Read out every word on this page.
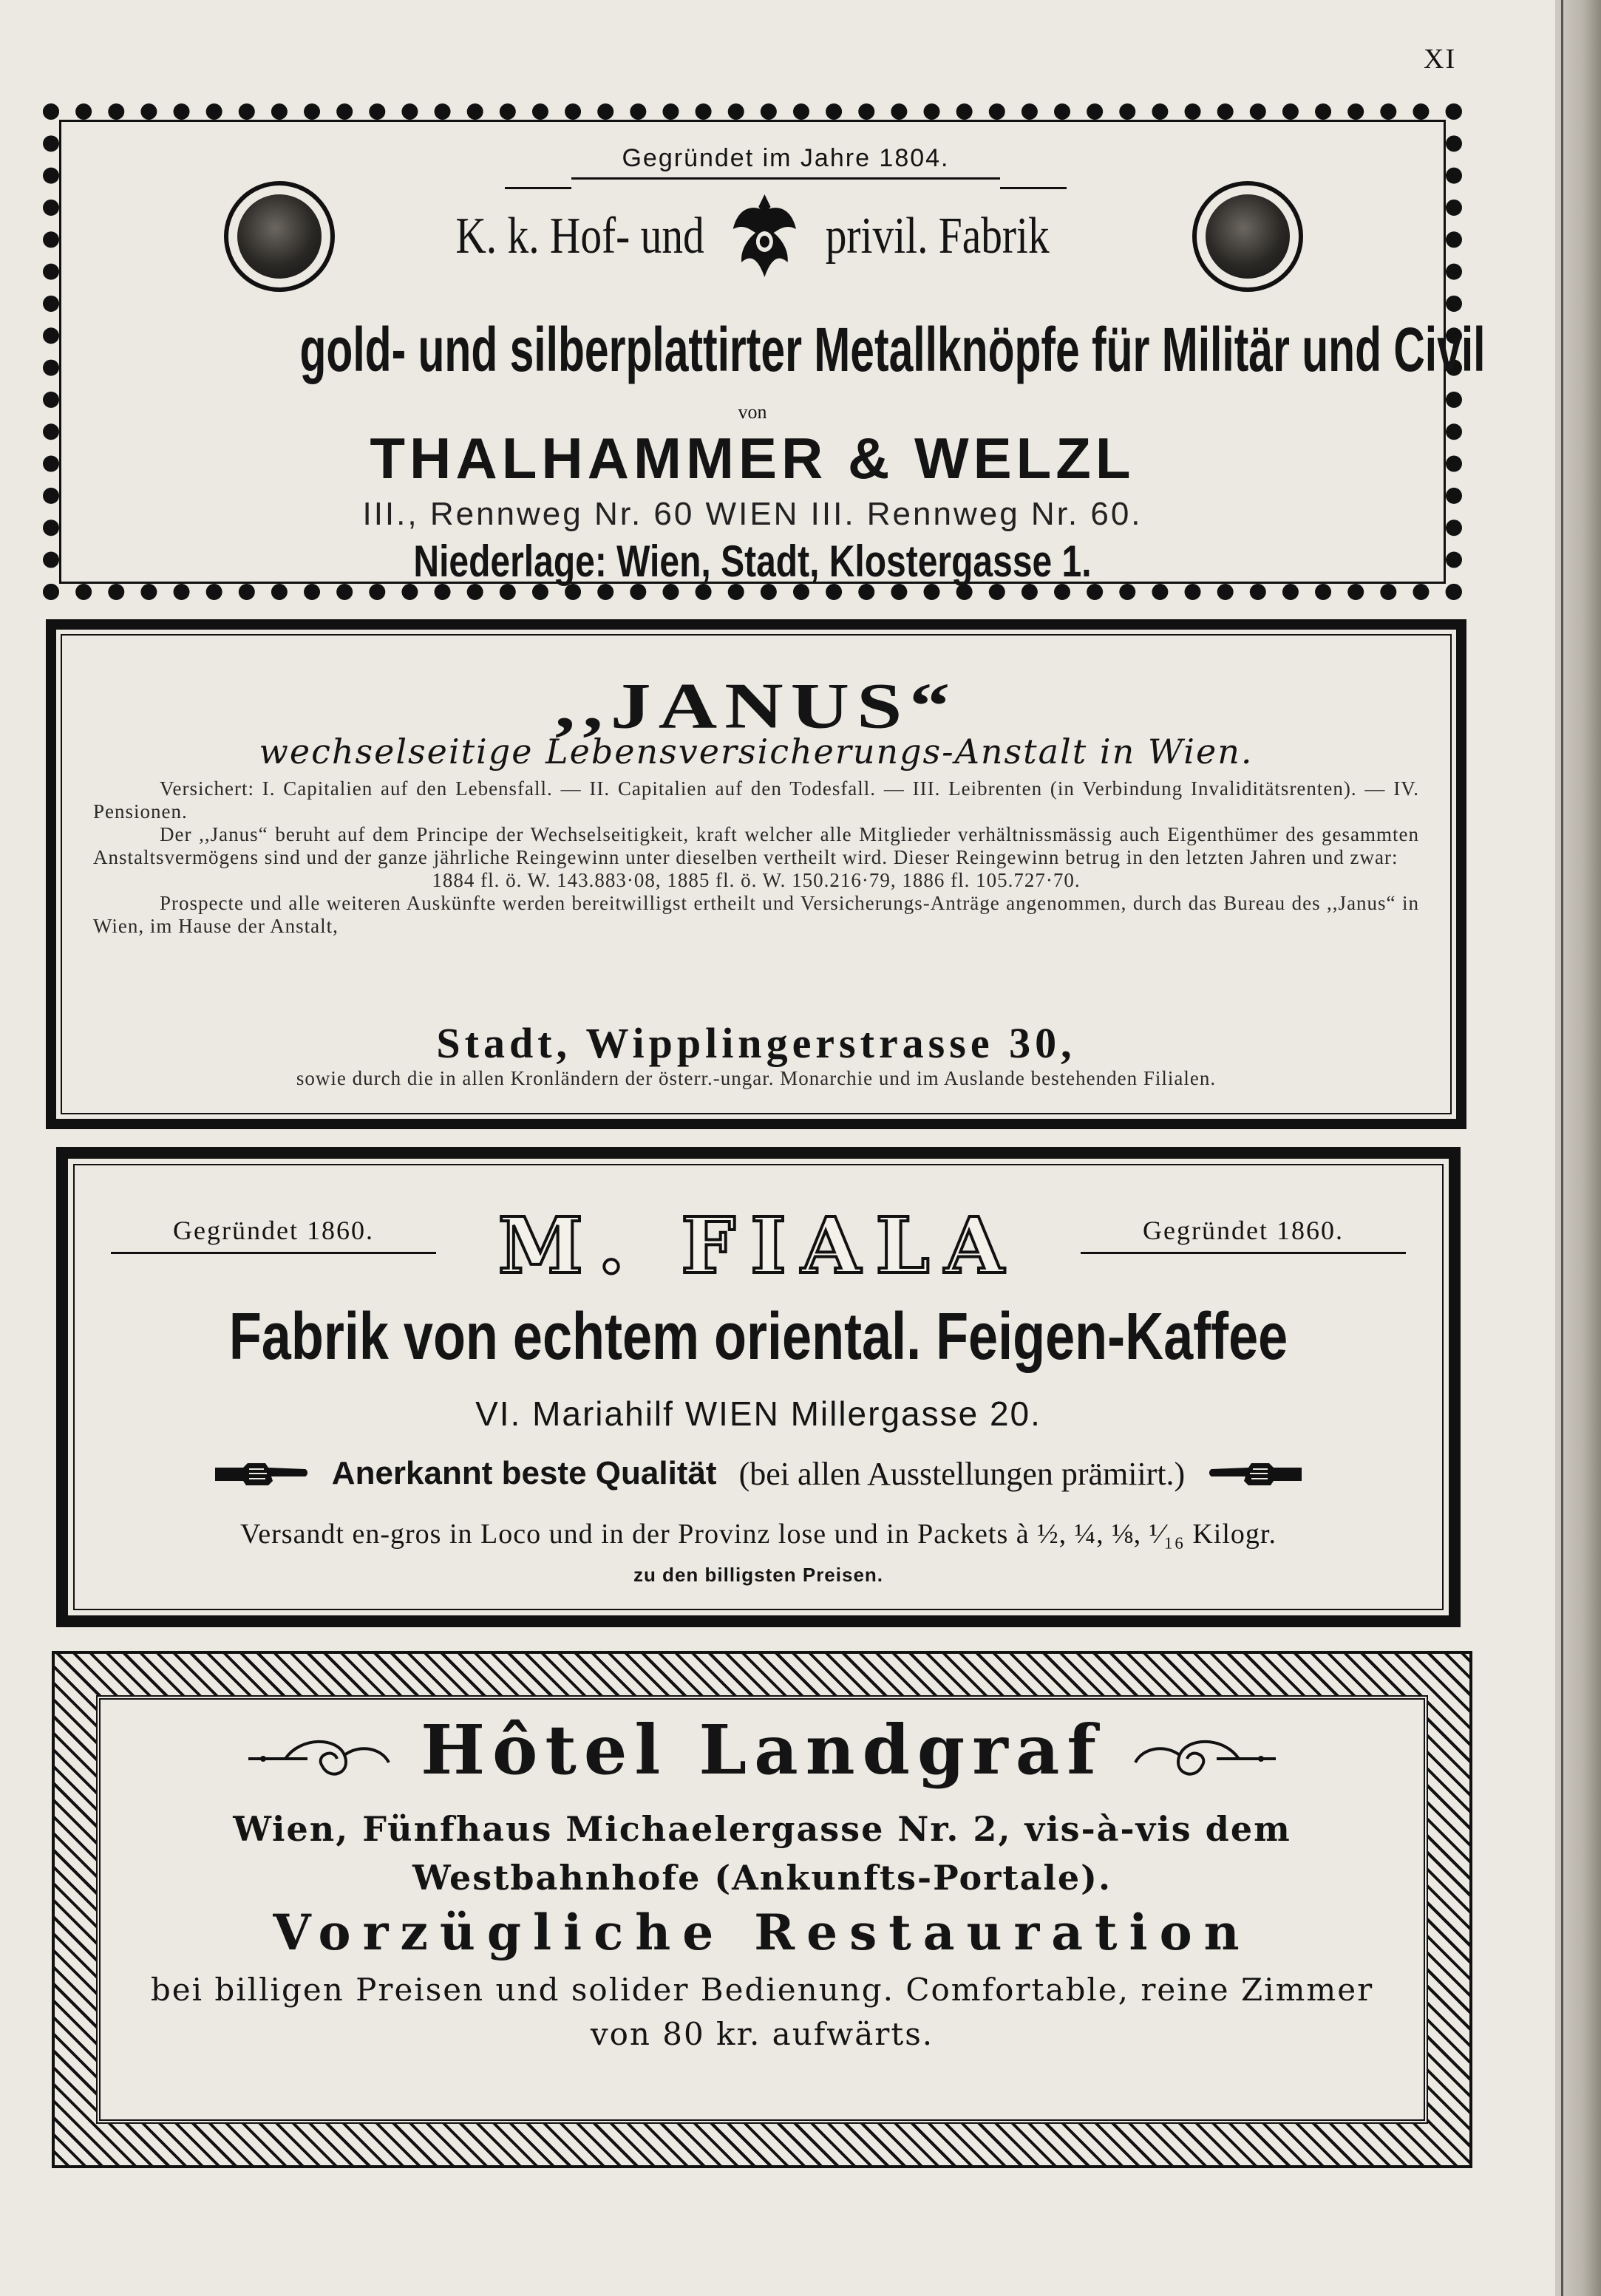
XI
Gegründet im Jahre 1804.
K. k. Hof- und privil. Fabrik
gold- und silberplattirter Metallknöpfe für Militär und Civil
von
THALHAMMER & WELZL
III., Rennweg Nr. 60 WIEN III. Rennweg Nr. 60.
Niederlage: Wien, Stadt, Klostergasse 1.
,,JANUS“
wechselseitige Lebensversicherungs-Anstalt in Wien.

Versichert: I. Capitalien auf den Lebensfall. — II. Capitalien auf den Todesfall. — III. Leibrenten (in Verbindung Invaliditätsrenten). — IV. Pensionen.

Der ,,Janus“ beruht auf dem Principe der Wechselseitigkeit, kraft welcher alle Mitglieder verhältnissmässig auch Eigenthümer des gesammten Anstaltsvermögens sind und der ganze jährliche Reingewinn unter dieselben vertheilt wird. Dieser Reingewinn betrug in den letzten Jahren und zwar:

1884 fl. ö. W. 143.883·08, 1885 fl. ö. W. 150.216·79, 1886 fl. 105.727·70.

Prospecte und alle weiteren Auskünfte werden bereitwilligst ertheilt und Versicherungs-Anträge angenommen, durch das Bureau des ,,Janus“ in Wien, im Hause der Anstalt,

Stadt, Wipplingerstrasse 30,
sowie durch die in allen Kronländern der österr.-ungar. Monarchie und im Auslande bestehenden Filialen.
Gegründet 1860.	M. FIALA	Gegründet 1860.
Fabrik von echtem oriental. Feigen-Kaffee
VI. Mariahilf WIEN Millergasse 20.
Anerkannt beste Qualität (bei allen Ausstellungen prämiirt.)
Versandt en-gros in Loco und in der Provinz lose und in Packets à ½, ¼, ⅛, ¹⁄₁₆ Kilogr.
zu den billigsten Preisen.
Hôtel Landgraf
Wien, Fünfhaus Michaelergasse Nr. 2, vis-à-vis dem
Westbahnhofe (Ankunfts-Portale).
Vorzügliche Restauration
bei billigen Preisen und solider Bedienung. Comfortable, reine Zimmer
von 80 kr. aufwärts.
